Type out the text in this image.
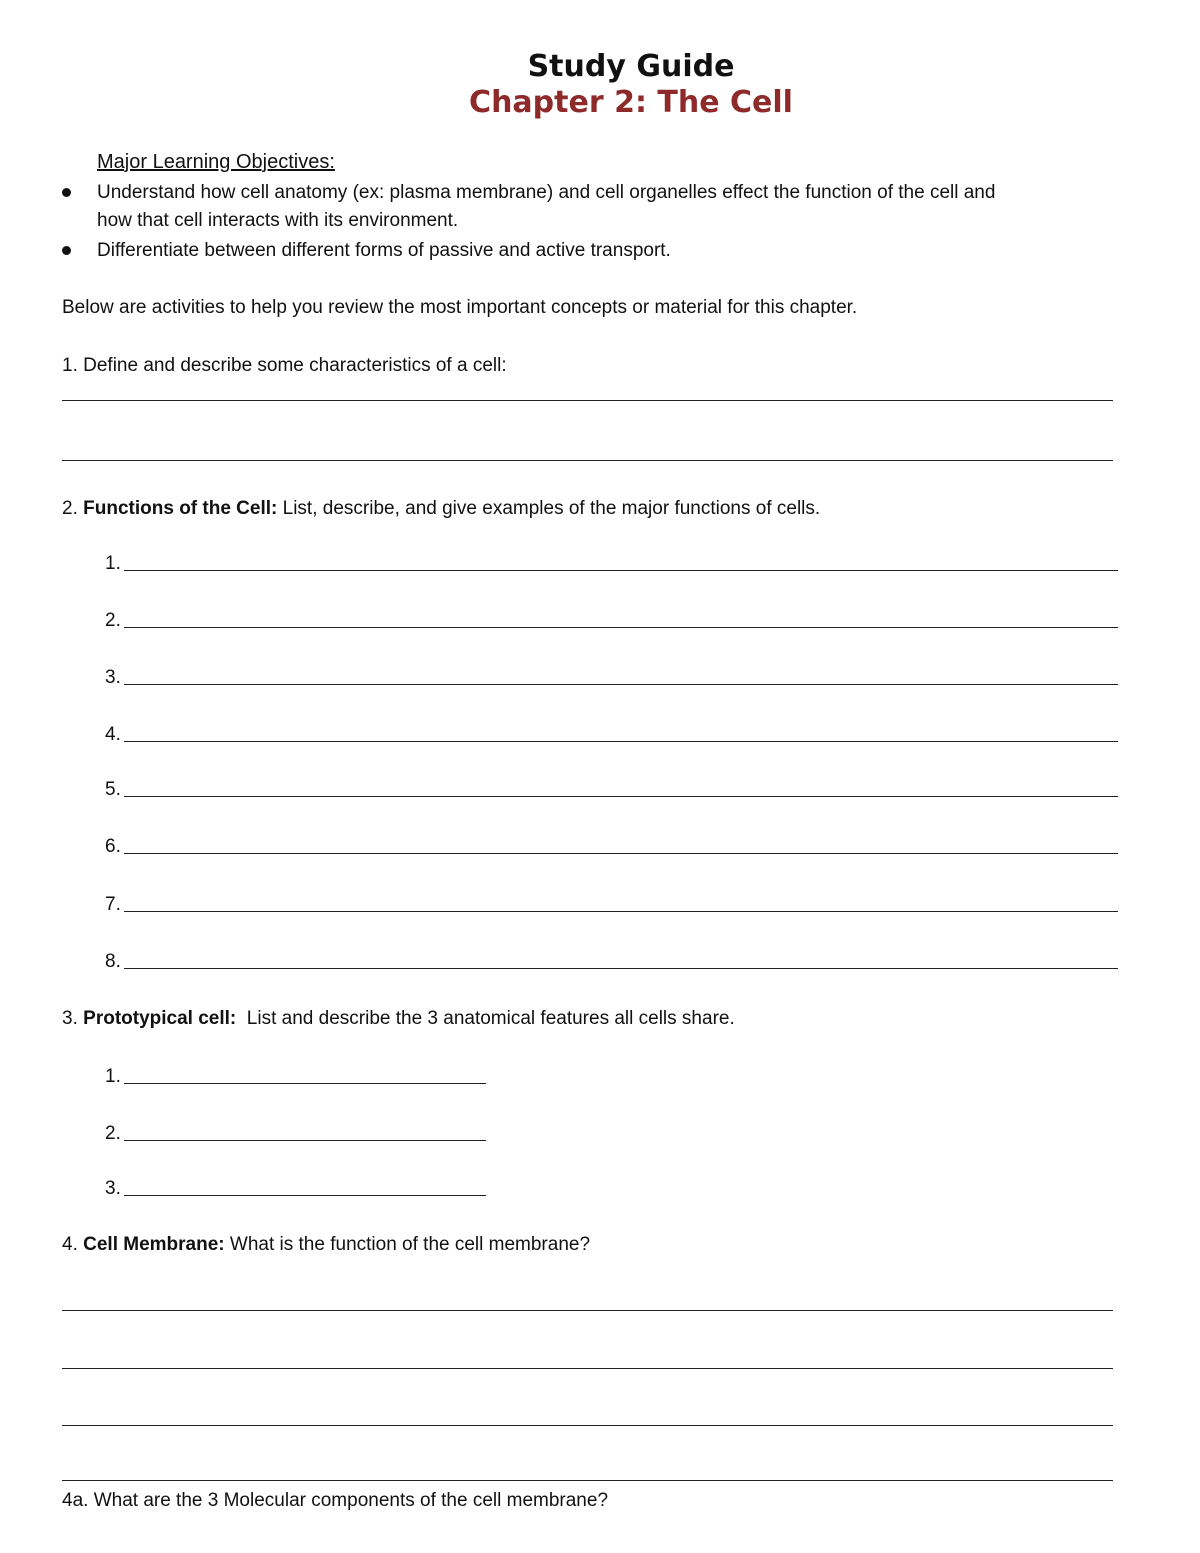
Study Guide
Chapter 2: The Cell
Major Learning Objectives:
Understand how cell anatomy (ex: plasma membrane) and cell organelles effect the function of the cell and
how that cell interacts with its environment.
Differentiate between different forms of passive and active transport.
Below are activities to help you review the most important concepts or material for this chapter.
1. Define and describe some characteristics of a cell:
2. Functions of the Cell: List, describe, and give examples of the major functions of cells.
1.
2.
3.
4.
5.
6.
7.
8.
3. Prototypical cell:  List and describe the 3 anatomical features all cells share.
1.
2.
3.
4. Cell Membrane: What is the function of the cell membrane?
4a. What are the 3 Molecular components of the cell membrane?
